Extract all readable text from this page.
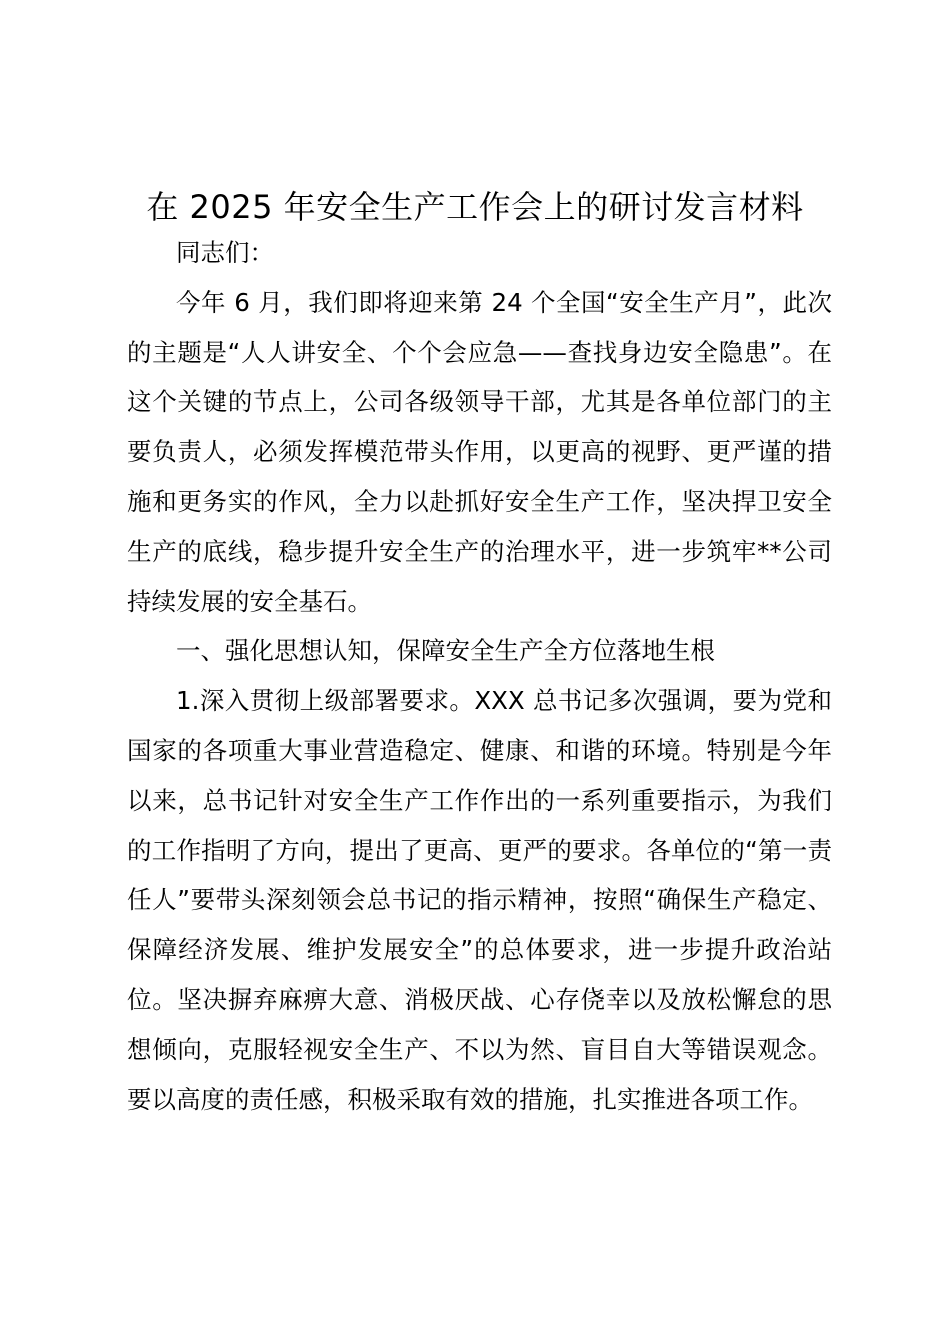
在 2025 年安全生产工作会上的研讨发言材料

同志们：

今年 6 月，我们即将迎来第 24 个全国“安全生产月”，此次的主题是“人人讲安全、个个会应急——查找身边安全隐患”。在这个关键的节点上，公司各级领导干部，尤其是各单位部门的主要负责人，必须发挥模范带头作用，以更高的视野、更严谨的措施和更务实的作风，全力以赴抓好安全生产工作，坚决捍卫安全生产的底线，稳步提升安全生产的治理水平，进一步筑牢**公司持续发展的安全基石。

一、强化思想认知，保障安全生产全方位落地生根

1.深入贯彻上级部署要求。XXX 总书记多次强调，要为党和国家的各项重大事业营造稳定、健康、和谐的环境。特别是今年以来，总书记针对安全生产工作作出的一系列重要指示，为我们的工作指明了方向，提出了更高、更严的要求。各单位的“第一责任人”要带头深刻领会总书记的指示精神，按照“确保生产稳定、保障经济发展、维护发展安全”的总体要求，进一步提升政治站位。坚决摒弃麻痹大意、消极厌战、心存侥幸以及放松懈怠的思想倾向，克服轻视安全生产、不以为然、盲目自大等错误观念。要以高度的责任感，积极采取有效的措施，扎实推进各项工作。
